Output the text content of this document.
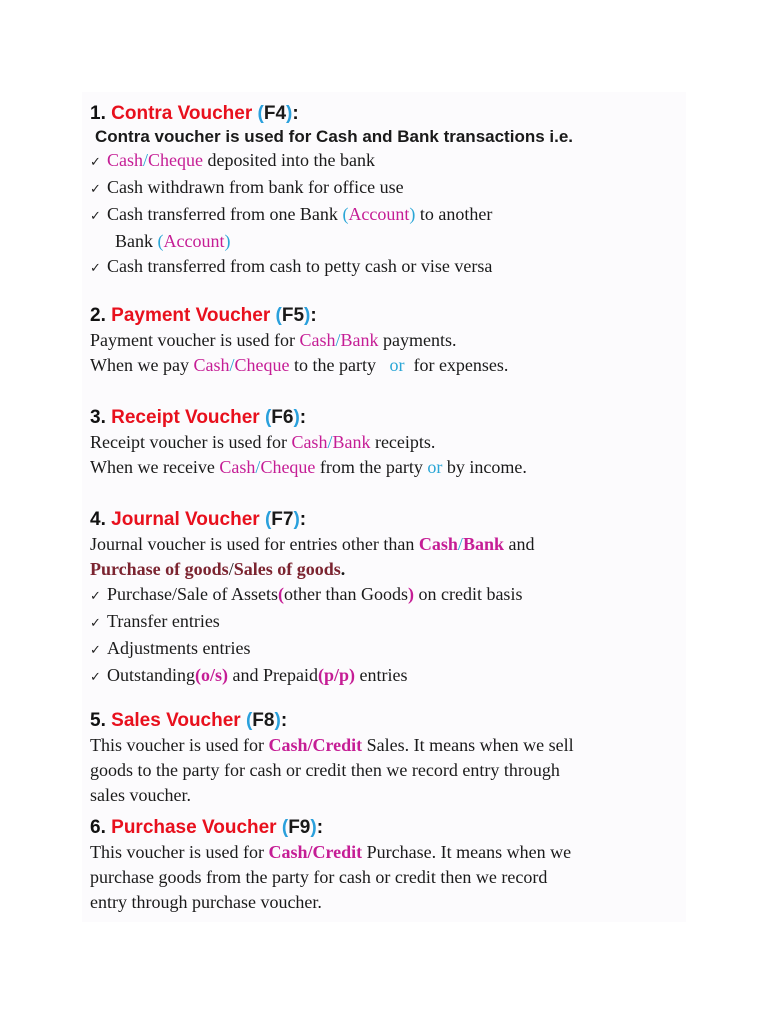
1. Contra Voucher (F4):
Contra voucher is used for Cash and Bank transactions i.e.
✓ Cash/Cheque deposited into the bank
✓ Cash withdrawn from bank for office use
✓ Cash transferred from one Bank (Account) to another
Bank (Account)
✓ Cash transferred from cash to petty cash or vise versa
2. Payment Voucher (F5):
Payment voucher is used for Cash/Bank payments.
When we pay Cash/Cheque to the party   or  for expenses.
3. Receipt Voucher (F6):
Receipt voucher is used for Cash/Bank receipts.
When we receive Cash/Cheque from the party or by income.
4. Journal Voucher (F7):
Journal voucher is used for entries other than Cash/Bank and
Purchase of goods/Sales of goods.
✓ Purchase/Sale of Assets(other than Goods) on credit basis
✓ Transfer entries
✓ Adjustments entries
✓ Outstanding(o/s) and Prepaid(p/p) entries
5. Sales Voucher (F8):
This voucher is used for Cash/Credit Sales. It means when we sell
goods to the party for cash or credit then we record entry through
sales voucher.
6. Purchase Voucher (F9):
This voucher is used for Cash/Credit Purchase. It means when we
purchase goods from the party for cash or credit then we record
entry through purchase voucher.
